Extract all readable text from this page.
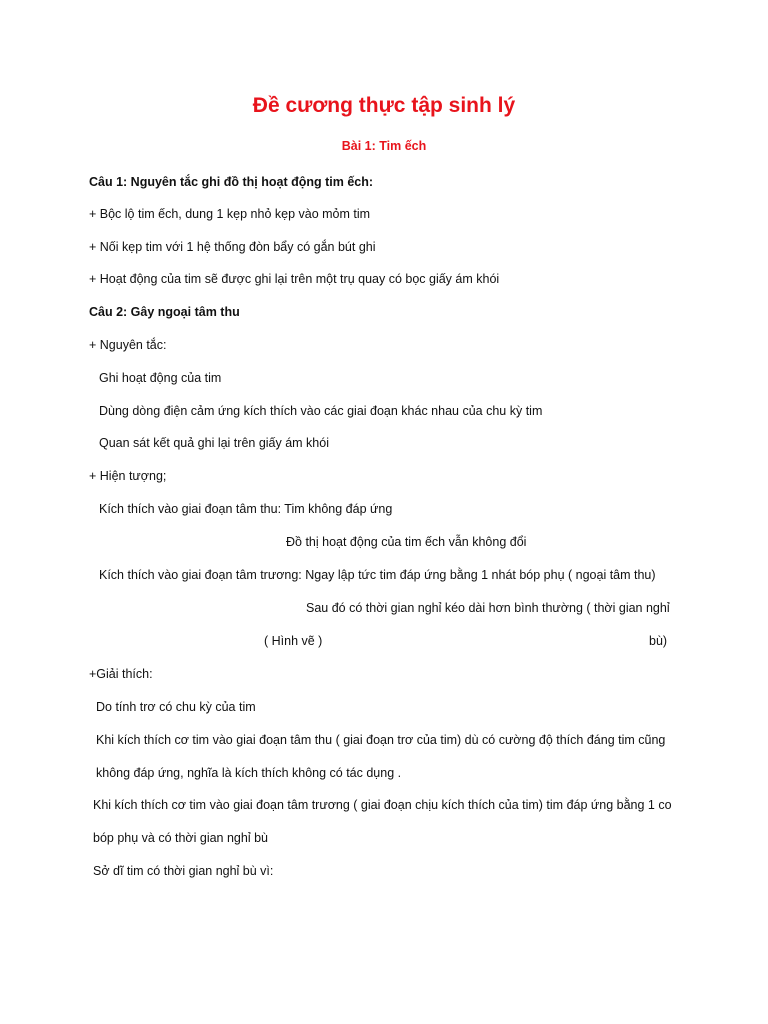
Đề cương thực tập sinh lý
Bài 1: Tim ếch
Câu 1: Nguyên tắc ghi đồ thị hoạt động tim ếch:
+ Bộc lộ tim ếch, dung 1 kẹp nhỏ kẹp vào mỏm tim
+ Nối kẹp tim với 1 hệ thống đòn bẩy có gắn bút ghi
+ Hoạt động của tim sẽ được ghi lại trên một trụ quay có bọc giấy ám khói
Câu 2: Gây ngoại tâm thu
+ Nguyên tắc:
Ghi hoạt động của tim
Dùng dòng điện cảm ứng kích thích vào các giai đoạn khác nhau của chu kỳ tim
Quan sát kết quả ghi lại trên giấy ám khói
+ Hiện tượng;
Kích thích vào giai đoạn tâm thu: Tim không đáp ứng
Đồ thị hoạt động của tim ếch vẫn không đổi
Kích thích vào giai đoạn tâm trương: Ngay lập tức tim đáp ứng bằng 1 nhát bóp phụ ( ngoại tâm thu)
Sau đó có thời gian nghỉ kéo dài hơn bình thường ( thời gian nghỉ
( Hình vẽ )	bù)
+Giải thích:
Do tính trơ có chu kỳ của tim
Khi kích thích cơ tim vào giai đoạn tâm thu ( giai đoạn trơ của tim) dù có cường độ thích đáng tim cũng
không đáp ứng, nghĩa là kích thích không có tác dụng .
Khi kích thích cơ tim vào giai đoạn tâm trương ( giai đoạn chịu kích thích của tim) tim đáp ứng bằng 1 co
bóp phụ và có thời gian nghỉ bù
Sở dĩ tim có thời gian nghỉ bù vì:
